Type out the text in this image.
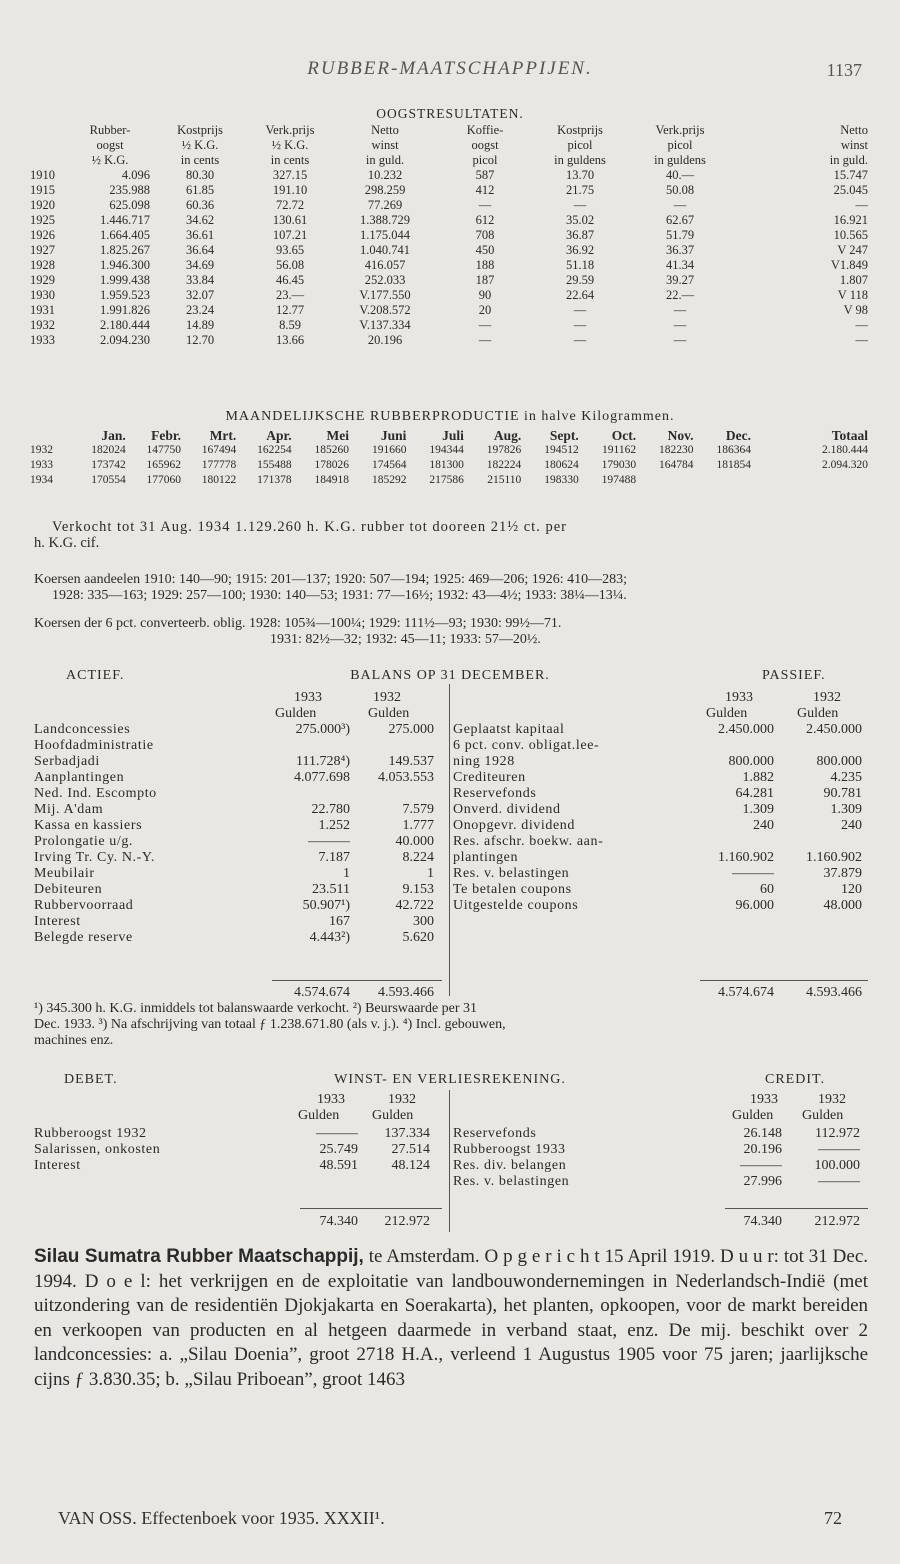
RUBBER-MAATSCHAPPIJEN.	1137
OOGSTRESULTATEN.
	Rubber-	Kostprijs	Verk.prijs	Netto	Koffie-	Kostprijs	Verk.prijs	Netto
	oogst	½ K.G.	½ K.G.	winst	oogst	picol	picol	winst
	½ K.G.	in cents	in cents	in guld.	picol	in guldens	in guldens	in guld.
1910	4.096	80.30	327.15	10.232	587	13.70	40.—	15.747
1915	235.988	61.85	191.10	298.259	412	21.75	50.08	25.045
1920	625.098	60.36	72.72	77.269	—	—	—	—
1925	1.446.717	34.62	130.61	1.388.729	612	35.02	62.67	16.921
1926	1.664.405	36.61	107.21	1.175.044	708	36.87	51.79	10.565
1927	1.825.267	36.64	93.65	1.040.741	450	36.92	36.37	V 247
1928	1.946.300	34.69	56.08	416.057	188	51.18	41.34	V1.849
1929	1.999.438	33.84	46.45	252.033	187	29.59	39.27	1.807
1930	1.959.523	32.07	23.—	V.177.550	90	22.64	22.—	V 118
1931	1.991.826	23.24	12.77	V.208.572	20	—	—	V 98
1932	2.180.444	14.89	8.59	V.137.334	—	—	—	—
1933	2.094.230	12.70	13.66	20.196	—	—	—	—
MAANDELIJKSCHE RUBBERPRODUCTIE in halve Kilogrammen.
	Jan.	Febr.	Mrt.	Apr.	Mei	Juni	Juli	Aug.	Sept.	Oct.	Nov.	Dec.	Totaal
1932	182024	147750	167494	162254	185260	191660	194344	197826	194512	191162	182230	186364	2.180.444
1933	173742	165962	177778	155488	178026	174564	181300	182224	180624	179030	164784	181854	2.094.320
1934	170554	177060	180122	171378	184918	185292	217586	215110	198330	197488			
Verkocht tot 31 Aug. 1934 1.129.260 h. K.G. rubber tot dooreen 21½ ct. per
h. K.G. cif.
Koersen aandeelen 1910: 140—90; 1915: 201—137; 1920: 507—194; 1925: 469—206; 1926: 410—283;
1928: 335—163; 1929: 257—100; 1930: 140—53; 1931: 77—16½; 1932: 43—4½; 1933: 38¼—13¼.
Koersen der 6 pct. converteerb. oblig. 1928: 105¾—100¼; 1929: 111½—93; 1930: 99½—71.
1931: 82½—32; 1932: 45—11; 1933: 57—20½.
ACTIEF.	BALANS OP 31 DECEMBER.	PASSIEF.
1933	1932
Gulden	Gulden
1933	1932
Gulden	Gulden
Landconcessies	275.000³)	275.000
Hoofdadministratie
Serbadjadi	111.728⁴)	149.537
Aanplantingen	4.077.698	4.053.553
Ned. Ind. Escompto
Mij. A'dam	22.780	7.579
Kassa en kassiers	1.252	1.777
Prolongatie u/g.	———	40.000
Irving Tr. Cy. N.-Y.	7.187	8.224
Meubilair	1	1
Debiteuren	23.511	9.153
Rubbervoorraad	50.907¹)	42.722
Interest	167	300
Belegde reserve	4.443²)	5.620
Geplaatst kapitaal	2.450.000	2.450.000
6 pct. conv. obligat.lee-
ning 1928	800.000	800.000
Crediteuren	1.882	4.235
Reservefonds	64.281	90.781
Onverd. dividend	1.309	1.309
Onopgevr. dividend	240	240
Res. afschr. boekw. aan-
plantingen	1.160.902	1.160.902
Res. v. belastingen	———	37.879
Te betalen coupons	60	120
Uitgestelde coupons	96.000	48.000
4.574.674	4.593.466	4.574.674	4.593.466
¹) 345.300 h. K.G. inmiddels tot balanswaarde verkocht. ²) Beurswaarde per 31
Dec. 1933. ³) Na afschrijving van totaal ƒ 1.238.671.80 (als v. j.). ⁴) Incl. gebouwen,
machines enz.
DEBET.	WINST- EN VERLIESREKENING.	CREDIT.
1933	1932
Gulden Gulden
1933	1932
Gulden Gulden
Rubberoogst 1932	———	137.334
Salarissen, onkosten	25.749	27.514
Interest	48.591	48.124
Reservefonds	26.148	112.972
Rubberoogst 1933	20.196	———
Res. div. belangen	———	100.000
Res. v. belastingen	27.996	———
74.340	212.972	74.340	212.972
Silau Sumatra Rubber Maatschappij, te Amsterdam. O p g e r i c h t 15 April 1919. D u u r: tot 31 Dec. 1994. D o e l: het verkrijgen en de exploitatie van landbouwondernemingen in Nederlandsch-Indië (met uitzondering van de residentiën Djokjakarta en Soerakarta), het planten, opkoopen, voor de markt bereiden en verkoopen van producten en al hetgeen daarmede in verband staat, enz. De mij. beschikt over 2 landconcessies: a. „Silau Doenia”, groot 2718 H.A., verleend 1 Augustus 1905 voor 75 jaren; jaarlijksche cijns ƒ 3.830.35; b. „Silau Priboean”, groot 1463
VAN OSS. Effectenboek voor 1935. XXXII¹.	72
